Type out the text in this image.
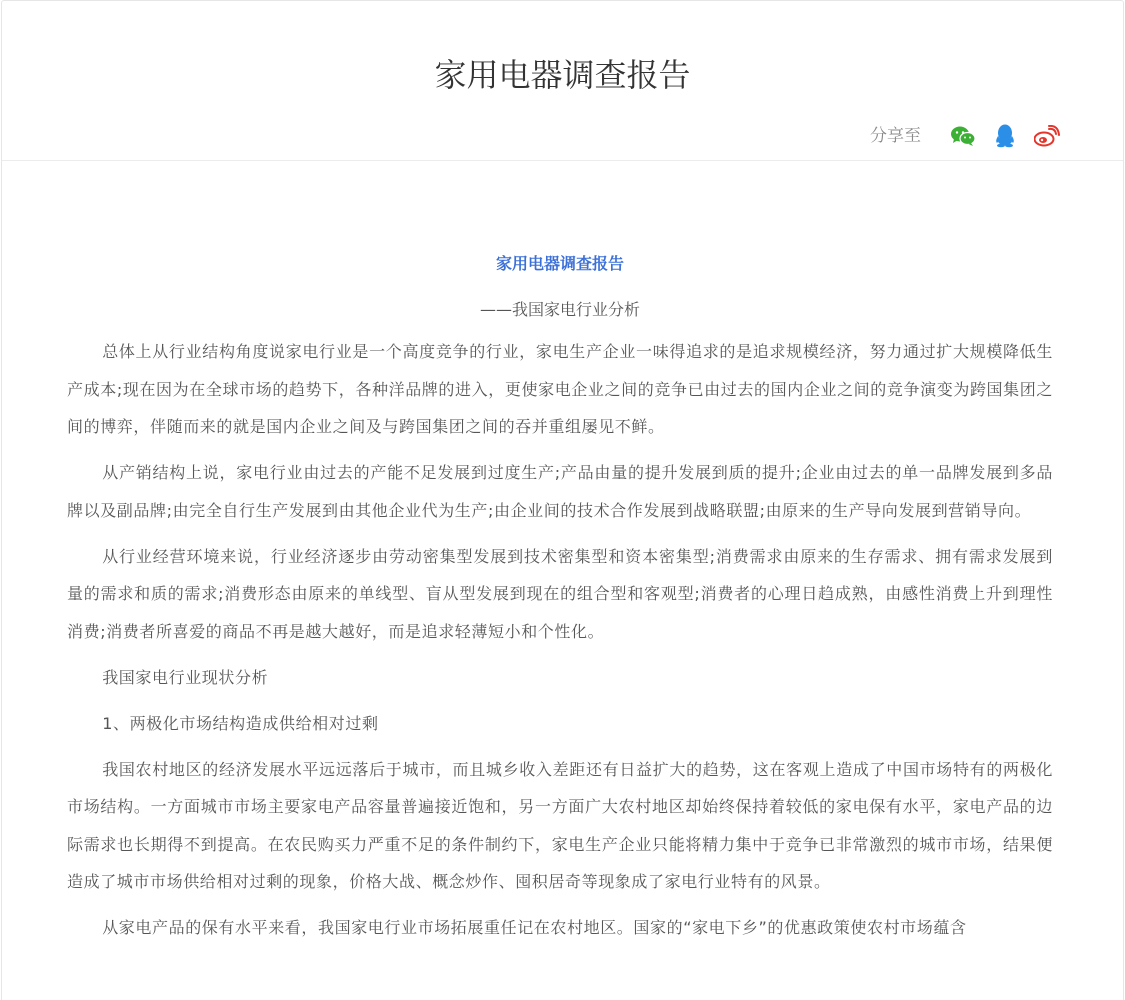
家用电器调查报告
分享至

家用电器调查报告

——我国家电行业分析

总体上从行业结构角度说家电行业是一个高度竞争的行业，家电生产企业一味得追求的是追求规模经济，努力通过扩大规模降低生产成本;现在因为在全球市场的趋势下，各种洋品牌的进入，更使家电企业之间的竞争已由过去的国内企业之间的竞争演变为跨国集团之间的博弈，伴随而来的就是国内企业之间及与跨国集团之间的吞并重组屡见不鲜。

从产销结构上说，家电行业由过去的产能不足发展到过度生产;产品由量的提升发展到质的提升;企业由过去的单一品牌发展到多品牌以及副品牌;由完全自行生产发展到由其他企业代为生产;由企业间的技术合作发展到战略联盟;由原来的生产导向发展到营销导向。

从行业经营环境来说，行业经济逐步由劳动密集型发展到技术密集型和资本密集型;消费需求由原来的生存需求、拥有需求发展到量的需求和质的需求;消费形态由原来的单线型、盲从型发展到现在的组合型和客观型;消费者的心理日趋成熟，由感性消费上升到理性消费;消费者所喜爱的商品不再是越大越好，而是追求轻薄短小和个性化。

我国家电行业现状分析

1、两极化市场结构造成供给相对过剩

我国农村地区的经济发展水平远远落后于城市，而且城乡收入差距还有日益扩大的趋势，这在客观上造成了中国市场特有的两极化市场结构。一方面城市市场主要家电产品容量普遍接近饱和，另一方面广大农村地区却始终保持着较低的家电保有水平，家电产品的边际需求也长期得不到提高。在农民购买力严重不足的条件制约下，家电生产企业只能将精力集中于竞争已非常激烈的城市市场，结果便造成了城市市场供给相对过剩的现象，价格大战、概念炒作、囤积居奇等现象成了家电行业特有的风景。

从家电产品的保有水平来看，我国家电行业市场拓展重任记在农村地区。国家的“家电下乡”的优惠政策使农村市场蕴含
